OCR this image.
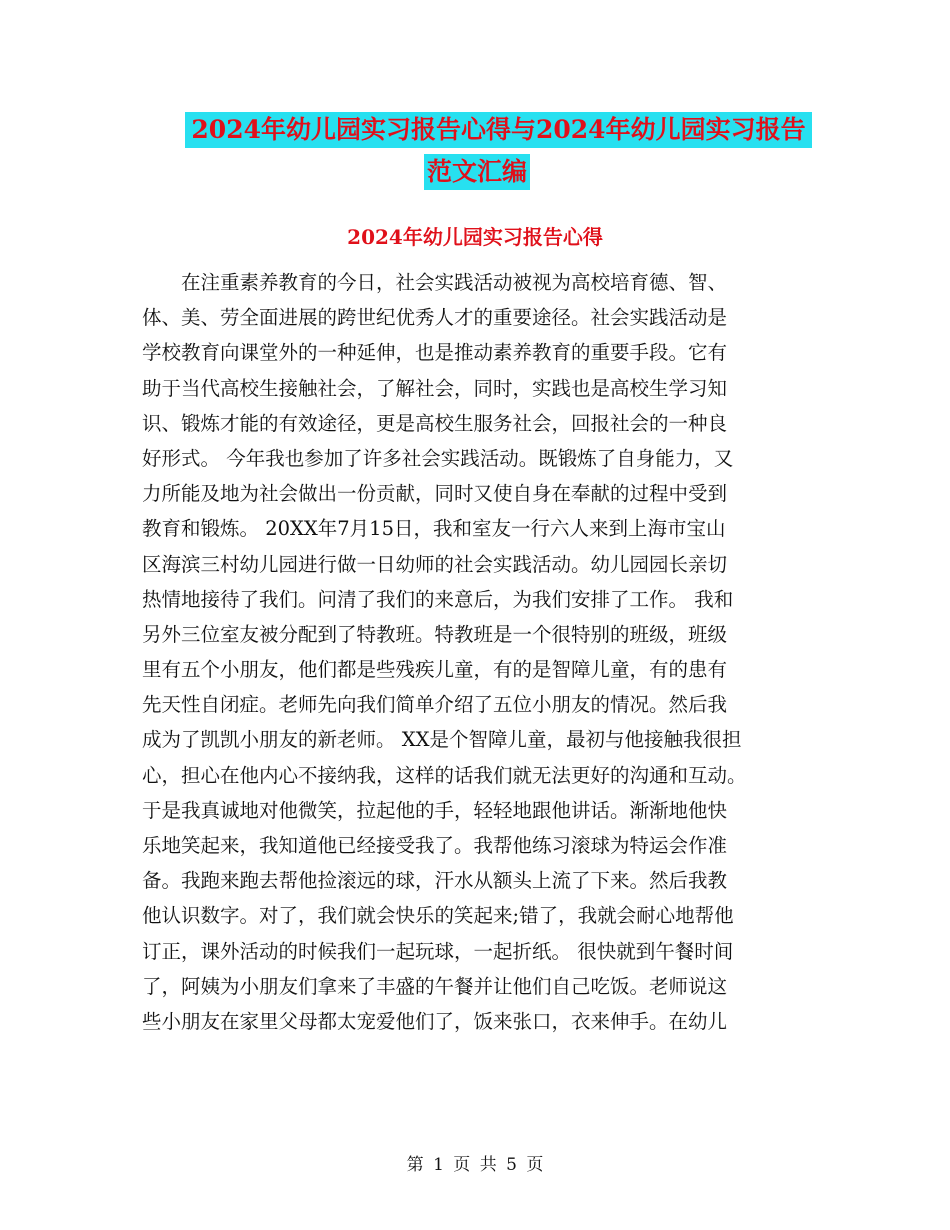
2024年幼儿园实习报告心得与2024年幼儿园实习报告
范文汇编
2024年幼儿园实习报告心得
　　在注重素养教育的今日，社会实践活动被视为高校培育德、智、
体、美、劳全面进展的跨世纪优秀人才的重要途径。社会实践活动是
学校教育向课堂外的一种延伸，也是推动素养教育的重要手段。它有
助于当代高校生接触社会，了解社会，同时，实践也是高校生学习知
识、锻炼才能的有效途径，更是高校生服务社会，回报社会的一种良
好形式。 今年我也参加了许多社会实践活动。既锻炼了自身能力，又
力所能及地为社会做出一份贡献，同时又使自身在奉献的过程中受到
教育和锻炼。 20XX年7月15日，我和室友一行六人来到上海市宝山
区海滨三村幼儿园进行做一日幼师的社会实践活动。幼儿园园长亲切
热情地接待了我们。问清了我们的来意后，为我们安排了工作。 我和
另外三位室友被分配到了特教班。特教班是一个很特别的班级，班级
里有五个小朋友，他们都是些残疾儿童，有的是智障儿童，有的患有
先天性自闭症。老师先向我们简单介绍了五位小朋友的情况。然后我
成为了凯凯小朋友的新老师。 XX是个智障儿童，最初与他接触我很担
心，担心在他内心不接纳我，这样的话我们就无法更好的沟通和互动。
于是我真诚地对他微笑，拉起他的手，轻轻地跟他讲话。渐渐地他快
乐地笑起来，我知道他已经接受我了。我帮他练习滚球为特运会作准
备。我跑来跑去帮他捡滚远的球，汗水从额头上流了下来。然后我教
他认识数字。对了，我们就会快乐的笑起来;错了，我就会耐心地帮他
订正，课外活动的时候我们一起玩球，一起折纸。 很快就到午餐时间
了，阿姨为小朋友们拿来了丰盛的午餐并让他们自己吃饭。老师说这
些小朋友在家里父母都太宠爱他们了，饭来张口，衣来伸手。在幼儿
第 1 页 共 5 页
